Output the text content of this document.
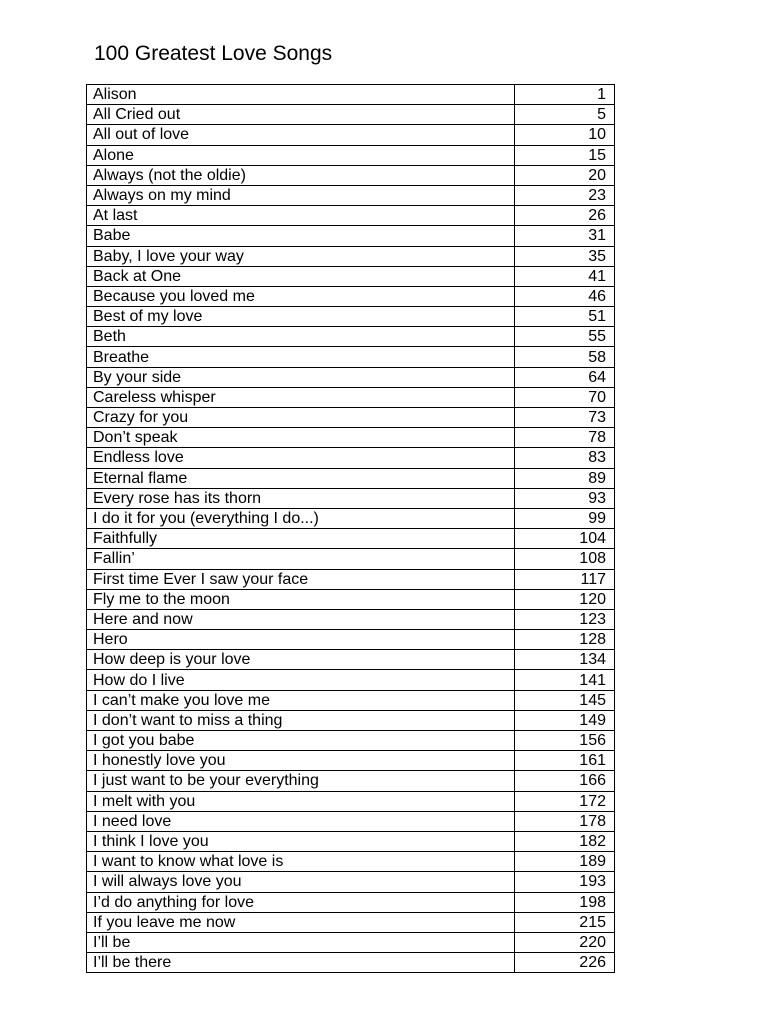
100 Greatest Love Songs
Alison	1
All Cried out	5
All out of love	10
Alone	15
Always (not the oldie)	20
Always on my mind	23
At last	26
Babe	31
Baby, I love your way	35
Back at One	41
Because you loved me	46
Best of my love	51
Beth	55
Breathe	58
By your side	64
Careless whisper	70
Crazy for you	73
Don’t speak	78
Endless love	83
Eternal flame	89
Every rose has its thorn	93
I do it for you (everything I do...)	99
Faithfully	104
Fallin’	108
First time Ever I saw your face	117
Fly me to the moon	120
Here and now	123
Hero	128
How deep is your love	134
How do I live	141
I can’t make you love me	145
I don’t want to miss a thing	149
I got you babe	156
I honestly love you	161
I just want to be your everything	166
I melt with you	172
I need love	178
I think I love you	182
I want to know what love is	189
I will always love you	193
I’d do anything for love	198
If you leave me now	215
I’ll be	220
I’ll be there	226
